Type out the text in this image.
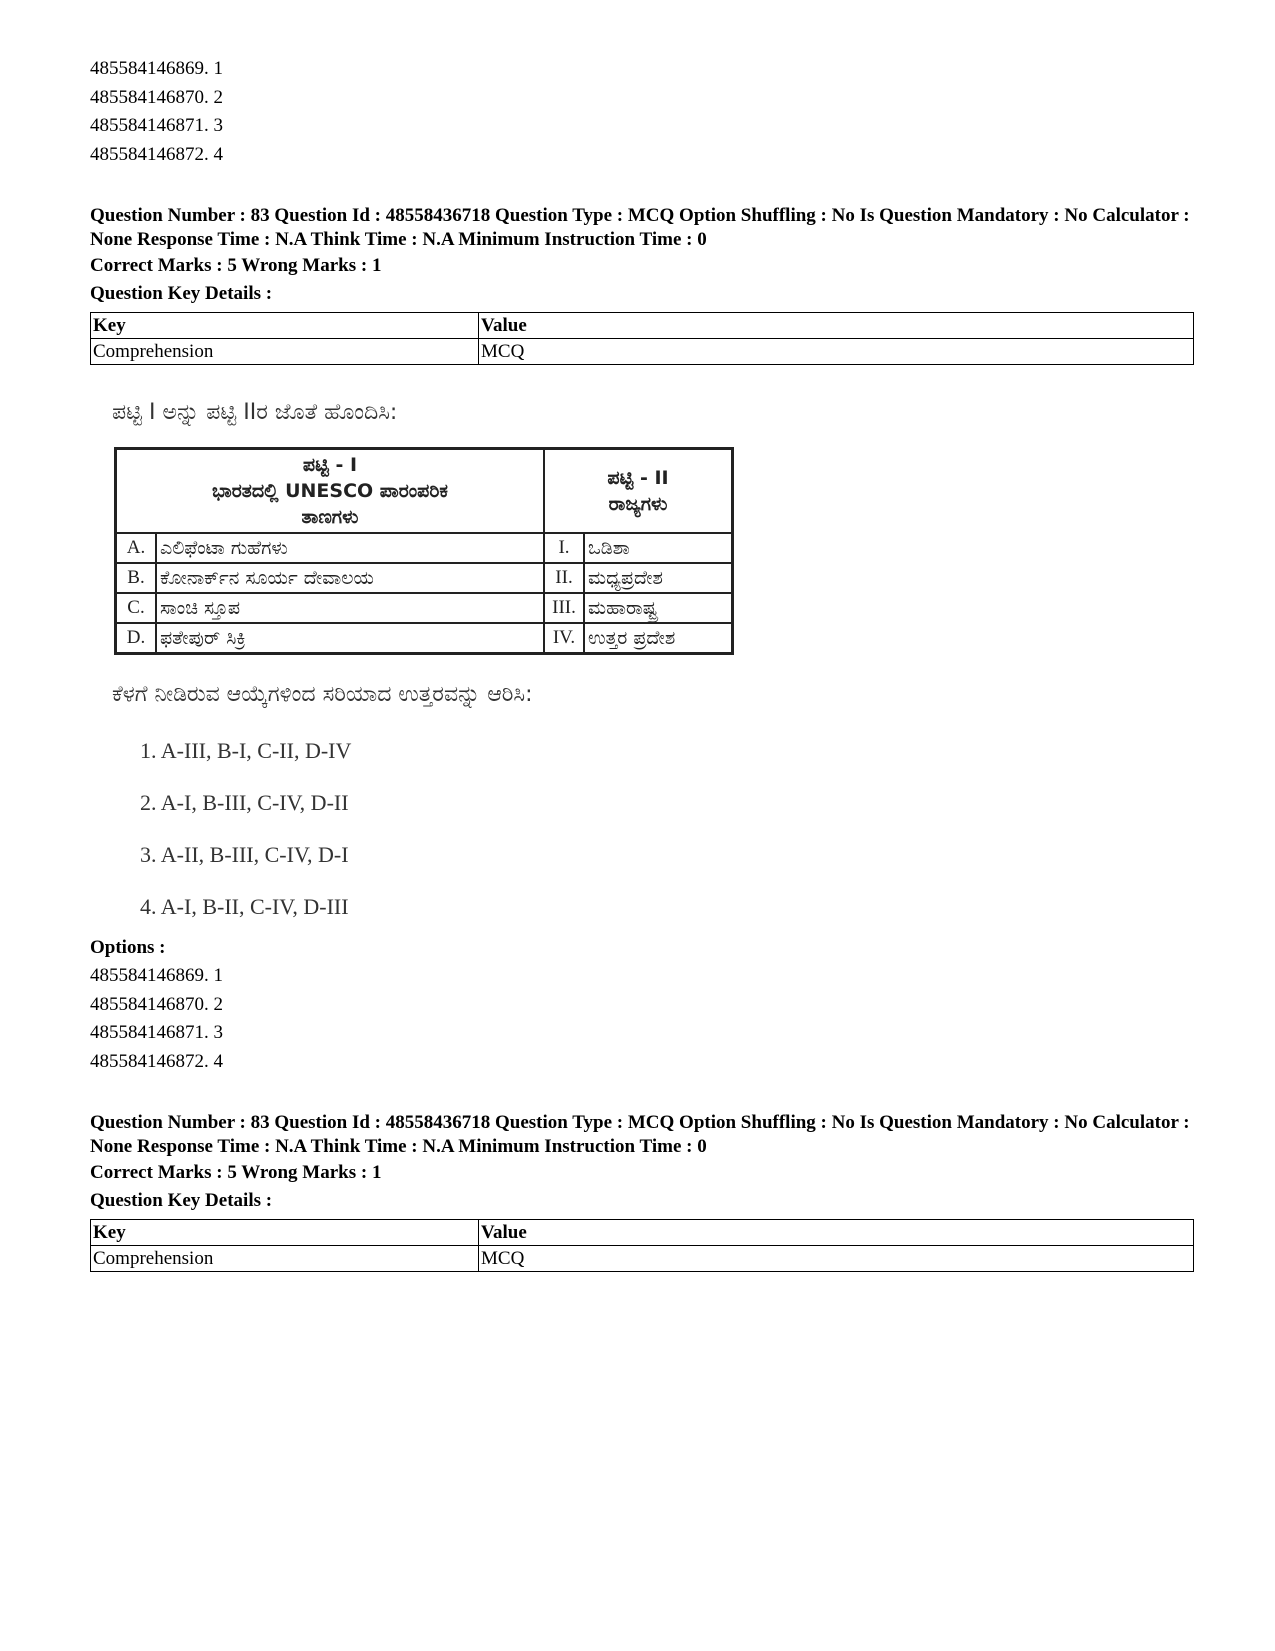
485584146869. 1
485584146870. 2
485584146871. 3
485584146872. 4
Question Number : 83 Question Id : 48558436718 Question Type : MCQ Option Shuffling : No Is Question Mandatory : No Calculator : None Response Time : N.A Think Time : N.A Minimum Instruction Time : 0
Correct Marks : 5 Wrong Marks : 1
Question Key Details :
Key	Value
Comprehension	MCQ
ಪಟ್ಟಿ I ಅನ್ನು ಪಟ್ಟಿ IIರ ಜೊತೆ ಹೊಂದಿಸಿ:
ಪಟ್ಟಿ - I
ಭಾರತದಲ್ಲಿ UNESCO ಪಾರಂಪರಿಕ
ತಾಣಗಳು		ಪಟ್ಟಿ - II
ರಾಜ್ಯಗಳು	
A.	ಎಲಿಫೆಂಟಾ ಗುಹೆಗಳು	I.	ಒಡಿಶಾ
B.	ಕೋನಾರ್ಕ್‌ನ ಸೂರ್ಯ ದೇವಾಲಯ	II.	ಮಧ್ಯಪ್ರದೇಶ
C.	ಸಾಂಚಿ ಸ್ತೂಪ	III.	ಮಹಾರಾಷ್ಟ್ರ
D.	ಫತೇಪುರ್ ಸಿಕ್ರಿ	IV.	ಉತ್ತರ ಪ್ರದೇಶ
ಕೆಳಗೆ ನೀಡಿರುವ ಆಯ್ಕೆಗಳಿಂದ ಸರಿಯಾದ ಉತ್ತರವನ್ನು ಆರಿಸಿ:
1. A-III, B-I, C-II, D-IV
2. A-I, B-III, C-IV, D-II
3. A-II, B-III, C-IV, D-I
4. A-I, B-II, C-IV, D-III
Options :
485584146869. 1
485584146870. 2
485584146871. 3
485584146872. 4
Question Number : 83 Question Id : 48558436718 Question Type : MCQ Option Shuffling : No Is Question Mandatory : No Calculator : None Response Time : N.A Think Time : N.A Minimum Instruction Time : 0
Correct Marks : 5 Wrong Marks : 1
Question Key Details :
Key	Value
Comprehension	MCQ
